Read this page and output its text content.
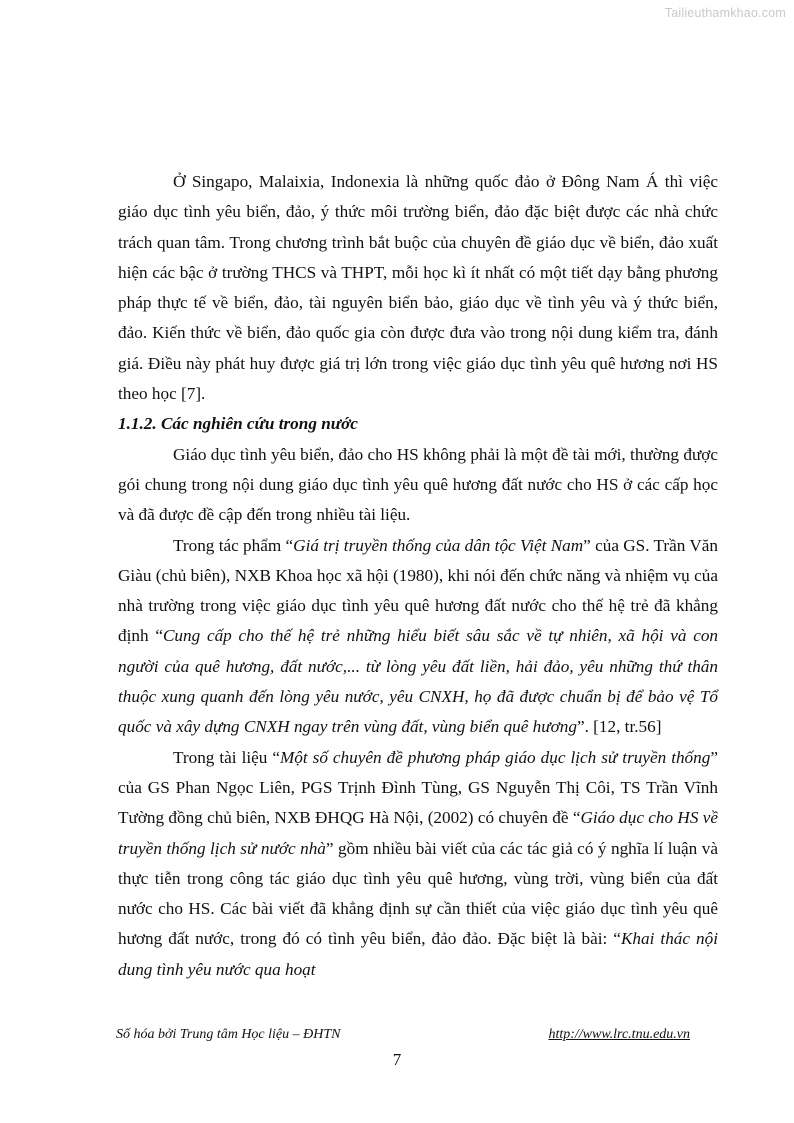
Tailieuthamkhao.com

Ở Singapo, Malaixia, Indonexia là những quốc đảo ở Đông Nam Á thì việc giáo dục tình yêu biển, đảo, ý thức môi trường biển, đảo đặc biệt được các nhà chức trách quan tâm. Trong chương trình bắt buộc của chuyên đề giáo dục về biển, đảo xuất hiện các bậc ở trường THCS và THPT, mỗi học kì ít nhất có một tiết dạy bằng phương pháp thực tế về biển, đảo, tài nguyên biển bảo, giáo dục về tình yêu và ý thức biển, đảo. Kiến thức về biển, đảo quốc gia còn được đưa vào trong nội dung kiểm tra, đánh giá. Điều này phát huy được giá trị lớn trong việc giáo dục tình yêu quê hương nơi HS theo học [7].

1.1.2. Các nghiên cứu trong nước

Giáo dục tình yêu biển, đảo cho HS không phải là một đề tài mới, thường được gói chung trong nội dung giáo dục tình yêu quê hương đất nước cho HS ở các cấp học và đã được đề cập đến trong nhiều tài liệu.

Trong tác phẩm “Giá trị truyền thống của dân tộc Việt Nam” của GS. Trần Văn Giàu (chủ biên), NXB Khoa học xã hội (1980), khi nói đến chức năng và nhiệm vụ của nhà trường trong việc giáo dục tình yêu quê hương đất nước cho thế hệ trẻ đã khẳng định “Cung cấp cho thế hệ trẻ những hiểu biết sâu sắc về tự nhiên, xã hội và con người của quê hương, đất nước,... từ lòng yêu đất liền, hải đảo, yêu những thứ thân thuộc xung quanh đến lòng yêu nước, yêu CNXH, họ đã được chuẩn bị để bảo vệ Tổ quốc và xây dựng CNXH ngay trên vùng đất, vùng biển quê hương”. [12, tr.56]

Trong tài liệu “Một số chuyên đề phương pháp giáo dục lịch sử truyền thống” của GS Phan Ngọc Liên, PGS Trịnh Đình Tùng, GS Nguyễn Thị Côi, TS Trần Vĩnh Tường đồng chủ biên, NXB ĐHQG Hà Nội, (2002) có chuyên đề “Giáo dục cho HS về truyền thống lịch sử nước nhà” gồm nhiều bài viết của các tác giả có ý nghĩa lí luận và thực tiễn trong công tác giáo dục tình yêu quê hương, vùng trời, vùng biển của đất nước cho HS. Các bài viết đã khẳng định sự cần thiết của việc giáo dục tình yêu quê hương đất nước, trong đó có tình yêu biển, đảo đảo. Đặc biệt là bài: “Khai thác nội dung tình yêu nước qua hoạt

Số hóa bởi Trung tâm Học liệu – ĐHTN	http://www.lrc.tnu.edu.vn
7
